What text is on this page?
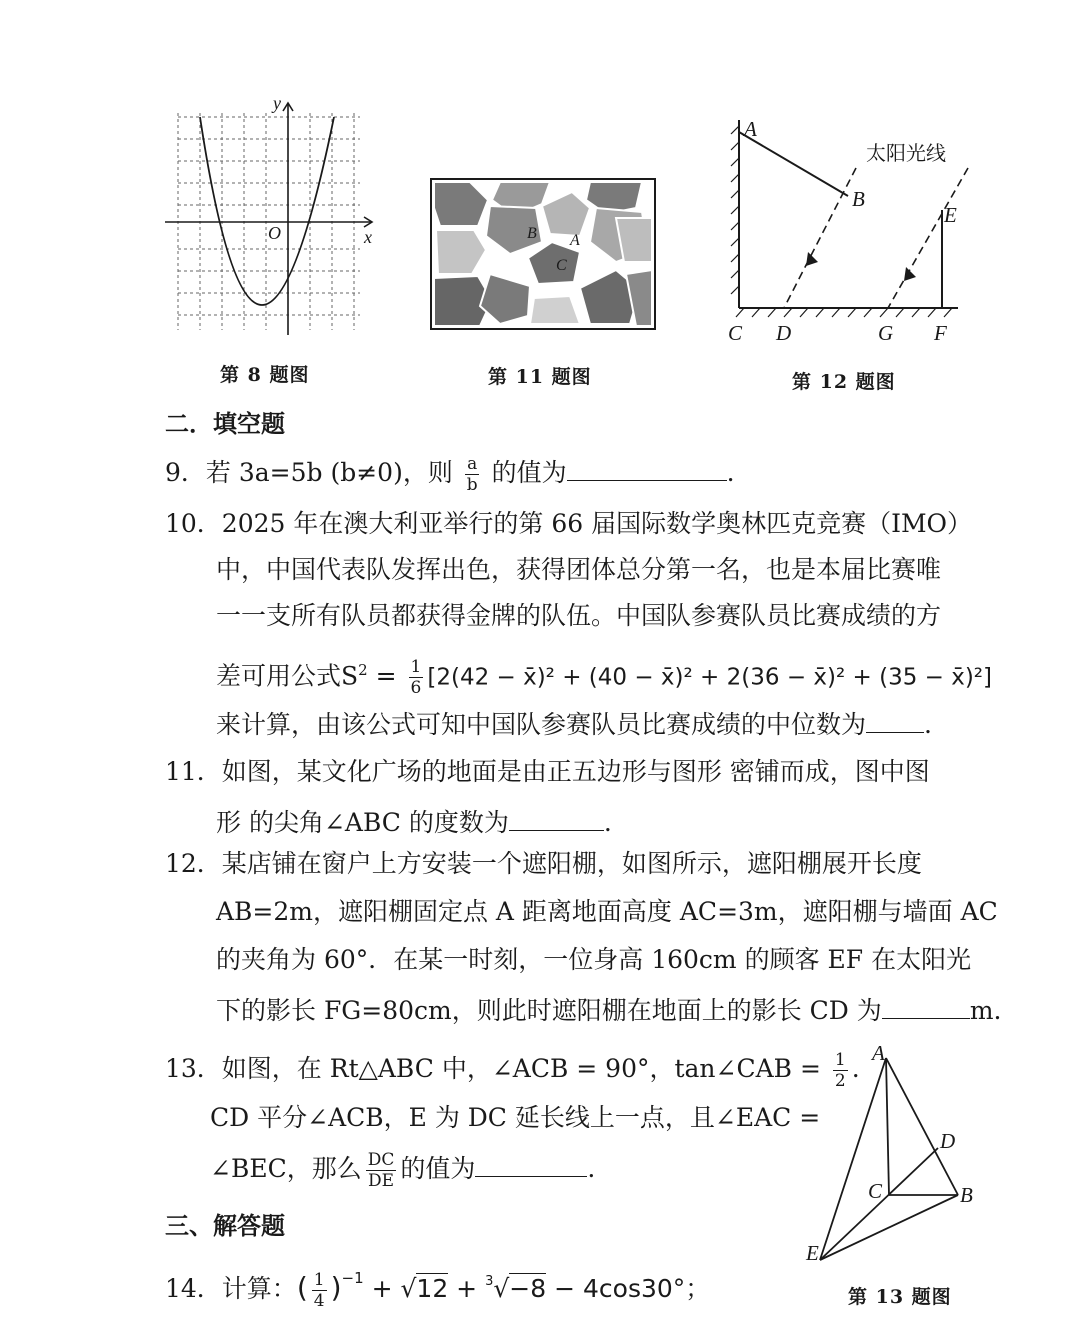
y
x
O
第 8 题图
B A
C
第 11 题图
A
B
E
太阳光线
C D	G F
第 12 题图
二．填空题
9．若 3a=5b (b≠0)，则 $\frac{a}{b}$ 的值为	.
10．2025 年在澳大利亚举行的第 66 届国际数学奥林匹克竞赛（IMO）
中，中国代表队发挥出色，获得团体总分第一名，也是本届比赛唯
一一支所有队员都获得金牌的队伍。中国队参赛队员比赛成绩的方
差可用公式$S^2 = \frac{1}{6} [2(42$ − x̄)² + (40 − x̄)² + 2(36 − x̄)² + (35 − x̄)²]
来计算，由该公式可知中国队参赛队员比赛成绩的中位数为 .
11．如图，某文化广场的地面是由正五边形与图形 密铺而成，图中图
形 的尖角∠ABC 的度数为	.
12．某店铺在窗户上方安装一个遮阳棚，如图所示，遮阳棚展开长度
AB=2m，遮阳棚固定点 A 距离地面高度 AC=3m，遮阳棚与墙面 AC
的夹角为 60°．在某一时刻，一位身高 160cm 的顾客 EF 在太阳光
下的影长 FG=80cm，则此时遮阳棚在地面上的影长 CD 为	m.
13．如图，在 Rt△ABC 中，∠ACB = 90°，tan∠CAB = $\frac{1}{2}$ .
CD 平分∠ACB，E 为 DC 延长线上一点，且∠EAC =
∠BEC，那么 $\frac{DC}{DE}$ 的值为	.
A
D
C	B
E
第 13 题图
三、解答题
14．计算：( $\frac{1}{4} )^{-1} + √12 + ^3√-8 - 4\cos 30^\circ$；
